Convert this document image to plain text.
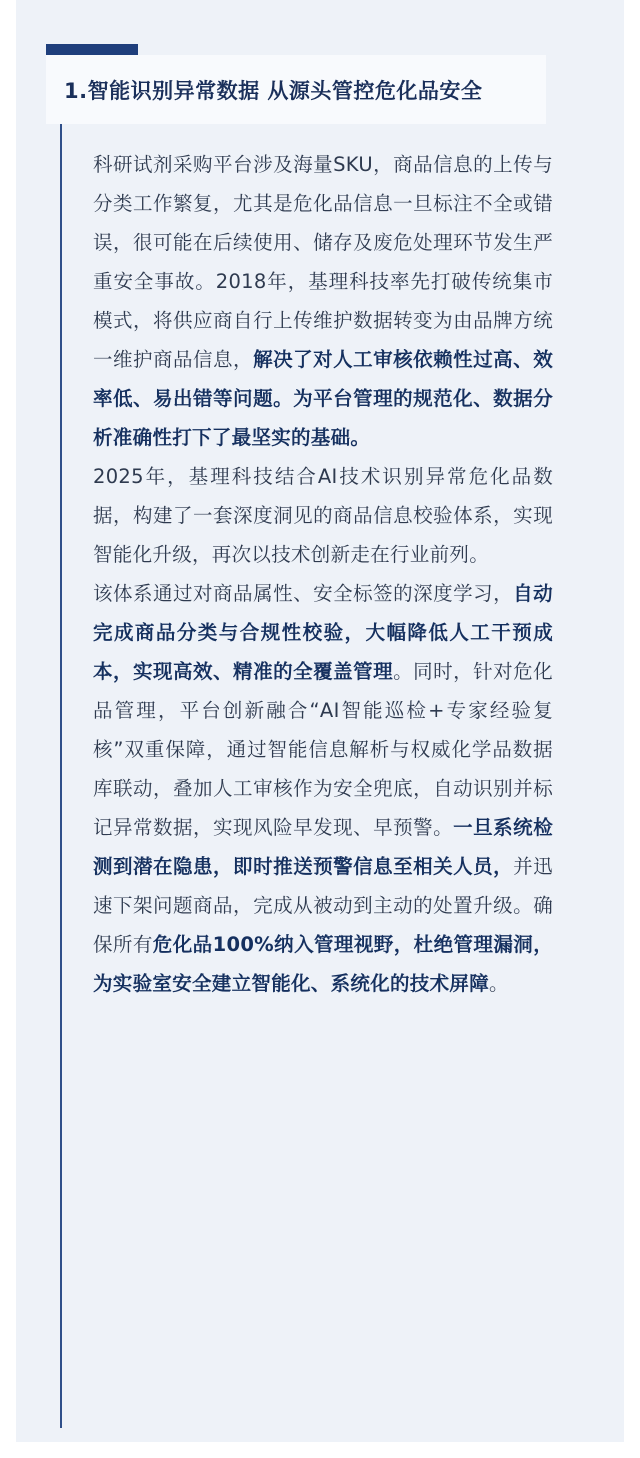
1.智能识别异常数据 从源头管控危化品安全

科研试剂采购平台涉及海量SKU，商品信息的上传与分类工作繁复，尤其是危化品信息一旦标注不全或错误，很可能在后续使用、储存及废危处理环节发生严重安全事故。2018年，基理科技率先打破传统集市模式，将供应商自行上传维护数据转变为由品牌方统一维护商品信息，解决了对人工审核依赖性过高、效率低、易出错等问题。为平台管理的规范化、数据分析准确性打下了最坚实的基础。

2025年，基理科技结合AI技术识别异常危化品数据，构建了一套深度洞见的商品信息校验体系，实现智能化升级，再次以技术创新走在行业前列。

该体系通过对商品属性、安全标签的深度学习，自动完成商品分类与合规性校验，大幅降低人工干预成本，实现高效、精准的全覆盖管理。同时，针对危化品管理，平台创新融合“AI智能巡检+专家经验复核”双重保障，通过智能信息解析与权威化学品数据库联动，叠加人工审核作为安全兜底，自动识别并标记异常数据，实现风险早发现、早预警。一旦系统检测到潜在隐患，即时推送预警信息至相关人员，并迅速下架问题商品，完成从被动到主动的处置升级。确保所有危化品100%纳入管理视野，杜绝管理漏洞，为实验室安全建立智能化、系统化的技术屏障。
